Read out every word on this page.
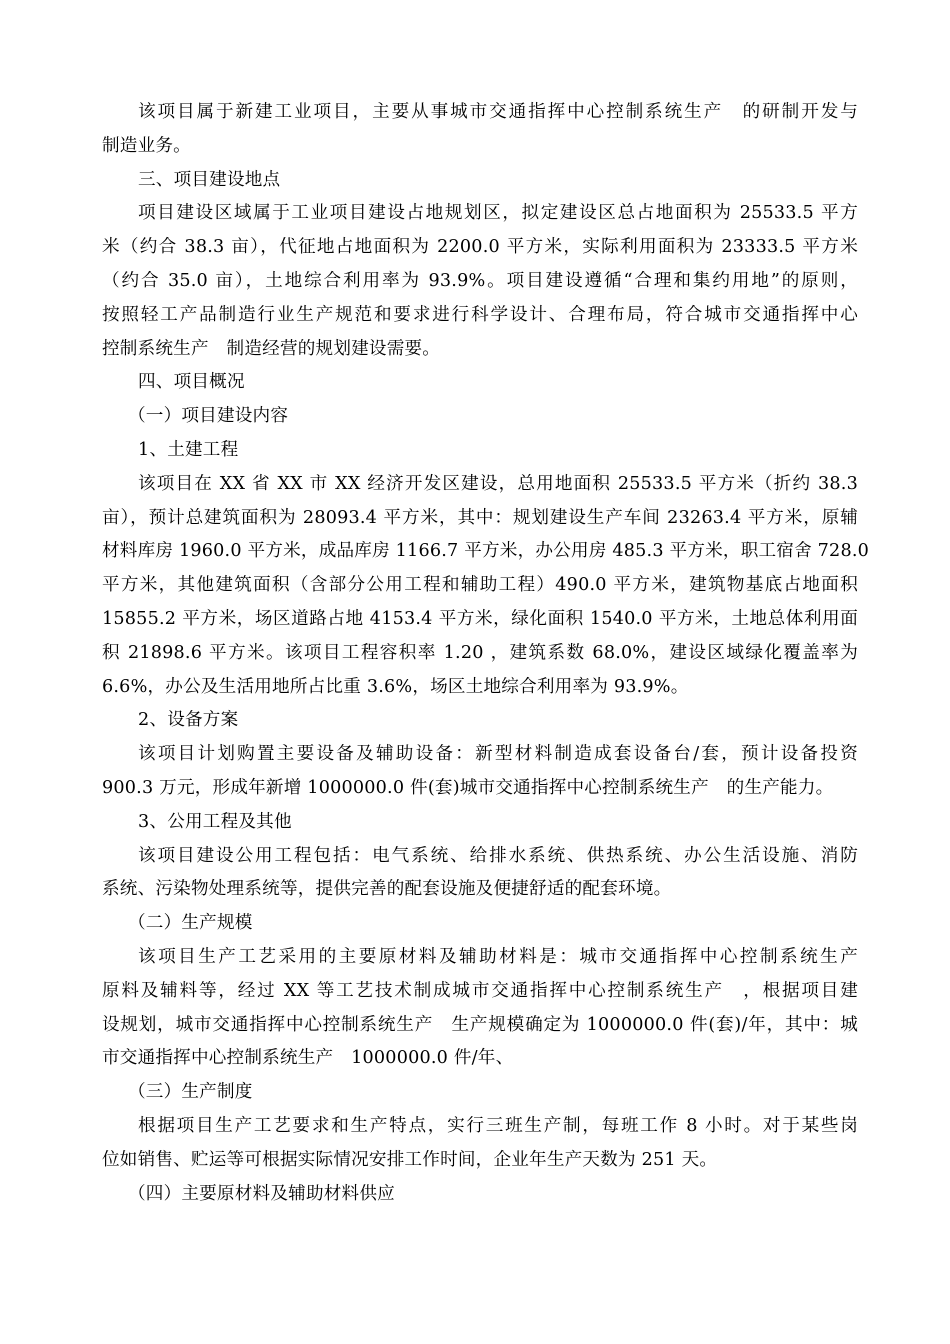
该项目属于新建工业项目，主要从事城市交通指挥中心控制系统生产　的研制开发与
制造业务。
三、项目建设地点
项目建设区域属于工业项目建设占地规划区，拟定建设区总占地面积为 25533.5 平方
米（约合 38.3 亩），代征地占地面积为 2200.0 平方米，实际利用面积为 23333.5 平方米
（约合 35.0 亩），土地综合利用率为 93.9%。项目建设遵循“合理和集约用地”的原则，
按照轻工产品制造行业生产规范和要求进行科学设计、合理布局，符合城市交通指挥中心
控制系统生产　制造经营的规划建设需要。
四、项目概况
（一）项目建设内容
1、土建工程
该项目在 XX 省 XX 市 XX 经济开发区建设，总用地面积 25533.5 平方米（折约 38.3
亩），预计总建筑面积为 28093.4 平方米，其中：规划建设生产车间 23263.4 平方米，原辅
材料库房 1960.0 平方米，成品库房 1166.7 平方米，办公用房 485.3 平方米，职工宿舍 728.0
平方米，其他建筑面积（含部分公用工程和辅助工程）490.0 平方米，建筑物基底占地面积
15855.2 平方米，场区道路占地 4153.4 平方米，绿化面积 1540.0 平方米，土地总体利用面
积 21898.6 平方米。该项目工程容积率 1.20 ，建筑系数 68.0%，建设区域绿化覆盖率为
6.6%，办公及生活用地所占比重 3.6%，场区土地综合利用率为 93.9%。
2、设备方案
该项目计划购置主要设备及辅助设备：新型材料制造成套设备台/套，预计设备投资
900.3 万元，形成年新增 1000000.0 件(套)城市交通指挥中心控制系统生产　的生产能力。
3、公用工程及其他
该项目建设公用工程包括：电气系统、给排水系统、供热系统、办公生活设施、消防
系统、污染物处理系统等，提供完善的配套设施及便捷舒适的配套环境。
（二）生产规模
该项目生产工艺采用的主要原材料及辅助材料是：城市交通指挥中心控制系统生产
原料及辅料等，经过 XX 等工艺技术制成城市交通指挥中心控制系统生产　，根据项目建
设规划，城市交通指挥中心控制系统生产　生产规模确定为 1000000.0 件(套)/年，其中：城
市交通指挥中心控制系统生产　1000000.0 件/年、
（三）生产制度
根据项目生产工艺要求和生产特点，实行三班生产制，每班工作 8 小时。对于某些岗
位如销售、贮运等可根据实际情况安排工作时间，企业年生产天数为 251 天。
（四）主要原材料及辅助材料供应
